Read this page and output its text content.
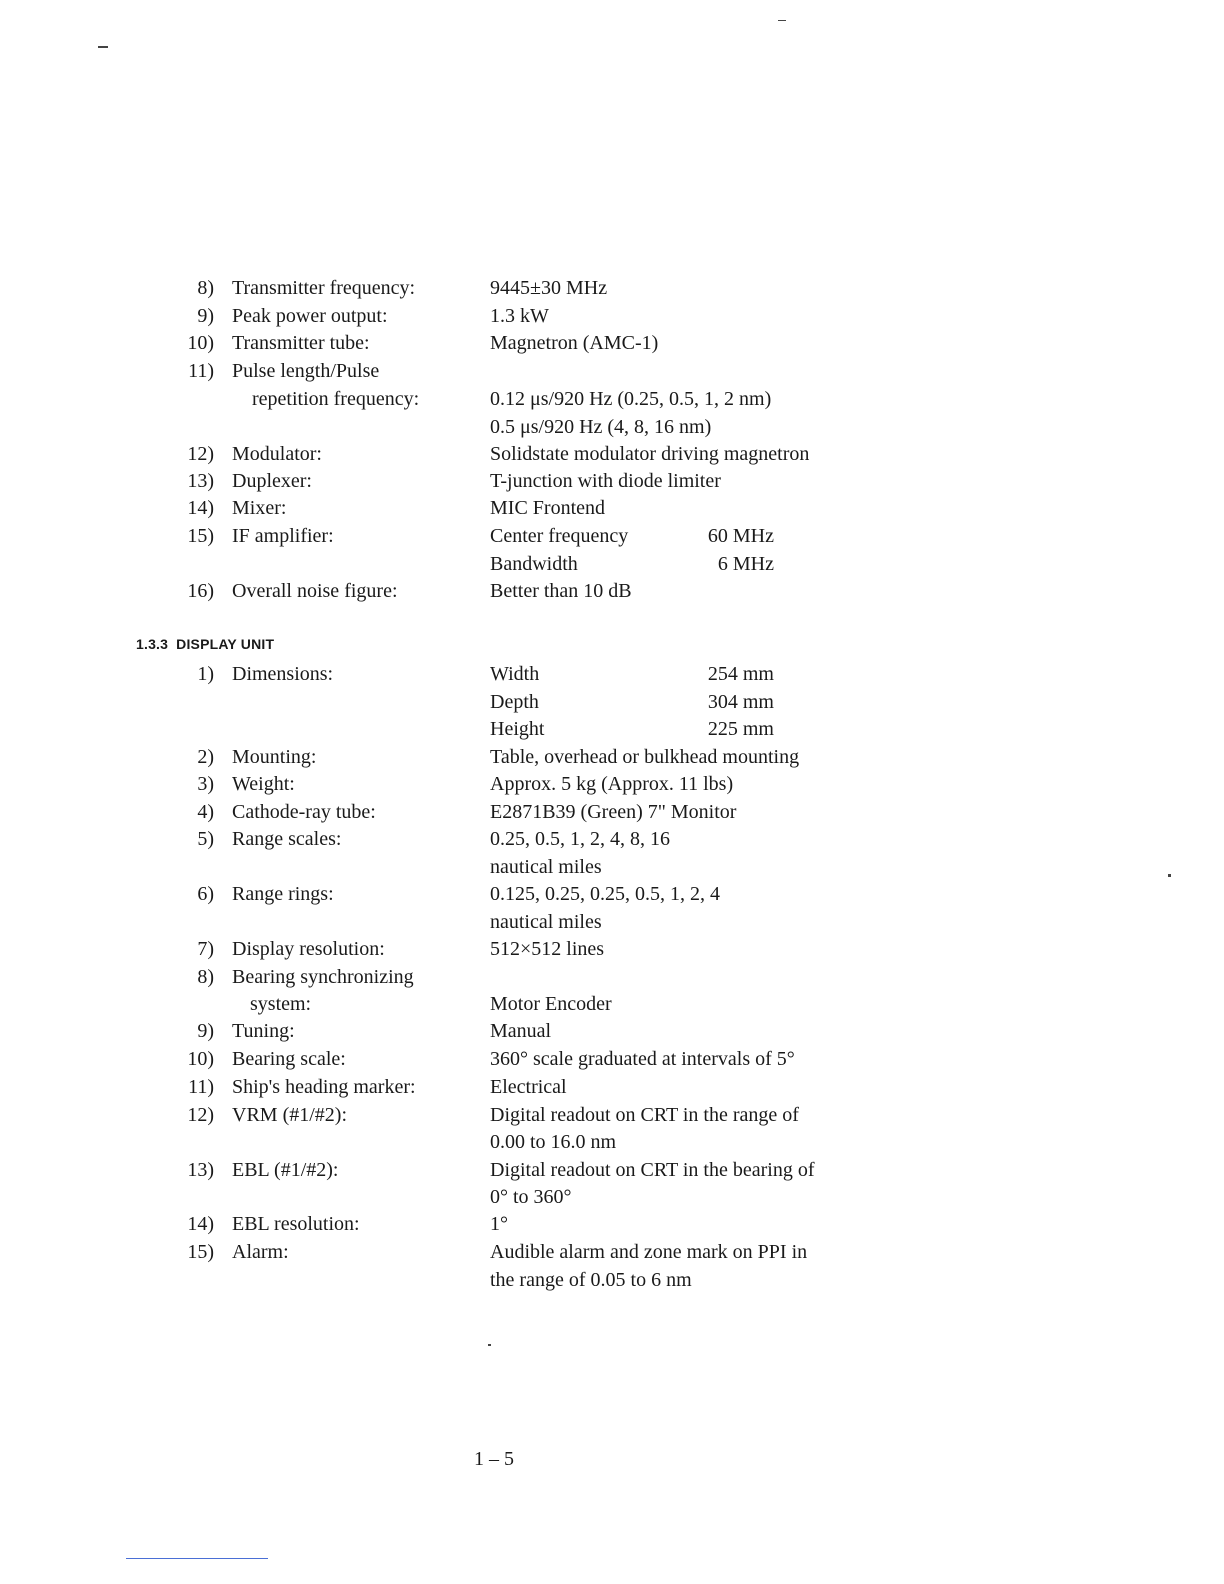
8) Transmitter frequency:	9445±30 MHz
9) Peak power output:	1.3 kW
10) Transmitter tube:	Magnetron (AMC-1)
11) Pulse length/Pulse
repetition frequency:	0.12 μs/920 Hz (0.25, 0.5, 1, 2 nm)
0.5 μs/920 Hz (4, 8, 16 nm)
12) Modulator:	Solidstate modulator driving magnetron
13) Duplexer:	T-junction with diode limiter
14) Mixer:	MIC Frontend
15) IF amplifier:	Center frequency	60 MHz
Bandwidth	6 MHz
16) Overall noise figure:	Better than 10 dB
1.3.3 DISPLAY UNIT
1) Dimensions:	Width	254 mm
Depth	304 mm
Height	225 mm
2) Mounting:	Table, overhead or bulkhead mounting
3) Weight:	Approx. 5 kg (Approx. 11 lbs)
4) Cathode-ray tube:	E2871B39 (Green) 7" Monitor
5) Range scales:	0.25, 0.5, 1, 2, 4, 8, 16
nautical miles
6) Range rings:	0.125, 0.25, 0.25, 0.5, 1, 2, 4
nautical miles
7) Display resolution:	512×512 lines
8) Bearing synchronizing
system:	Motor Encoder
9) Tuning:	Manual
10) Bearing scale:	360° scale graduated at intervals of 5°
11) Ship's heading marker:	Electrical
12) VRM (#1/#2):	Digital readout on CRT in the range of
0.00 to 16.0 nm
13) EBL (#1/#2):	Digital readout on CRT in the bearing of
0° to 360°
14) EBL resolution:	1°
15) Alarm:	Audible alarm and zone mark on PPI in
the range of 0.05 to 6 nm
1 – 5
